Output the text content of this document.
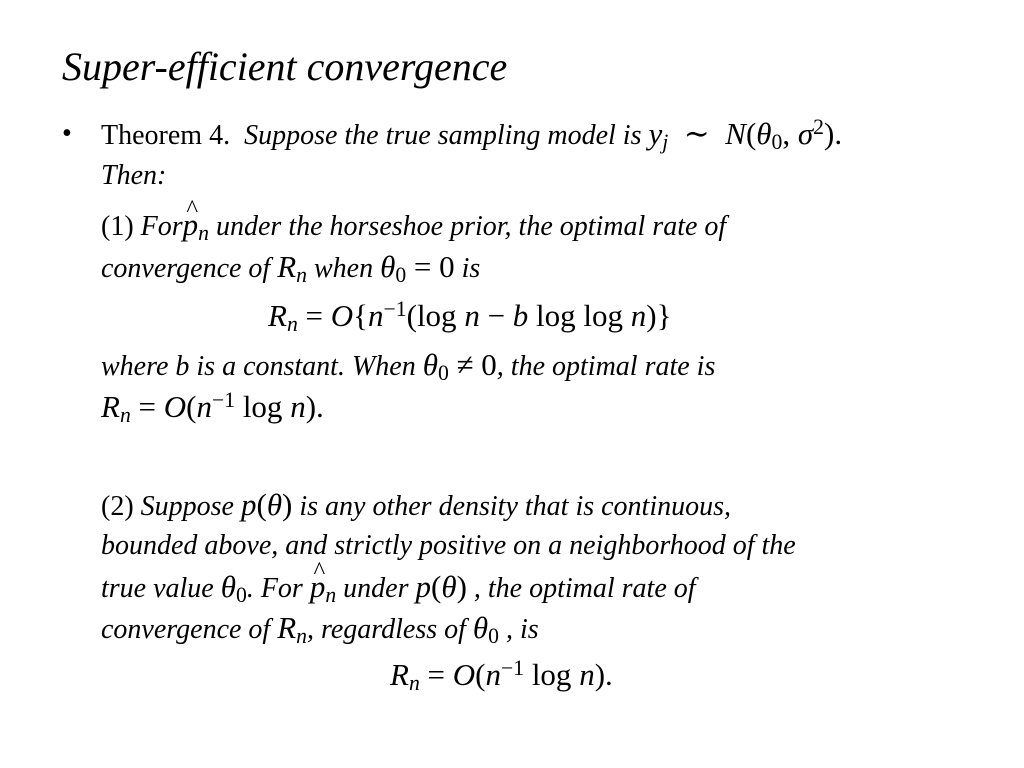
Super-efficient convergence
• Theorem 4. Suppose the true sampling model is $y_j$  ∼  $N(\theta_0$, $\sigma^2$).
Then:
(1) For^ $p_n$ under the horseshoe prior, the optimal rate of
convergence of $R_n$ when $\theta_0 = 0$ is
$R_n = O\{n^{-1}(\log$ n − b log log n)}
where b is a constant. When $\theta_0 \ne 0$, the optimal rate is
$R_n = O(n^{-1}$ log n).
(2) Suppose p(θ) is any other density that is continuous,
bounded above, and strictly positive on a neighborhood of the
true value $\theta_0$. For ^ $p_n$ under p(θ) , the optimal rate of
convergence of $R_n$, regardless of $\theta_0$ , is
$R_n = O(n^{-1}$ log n).
